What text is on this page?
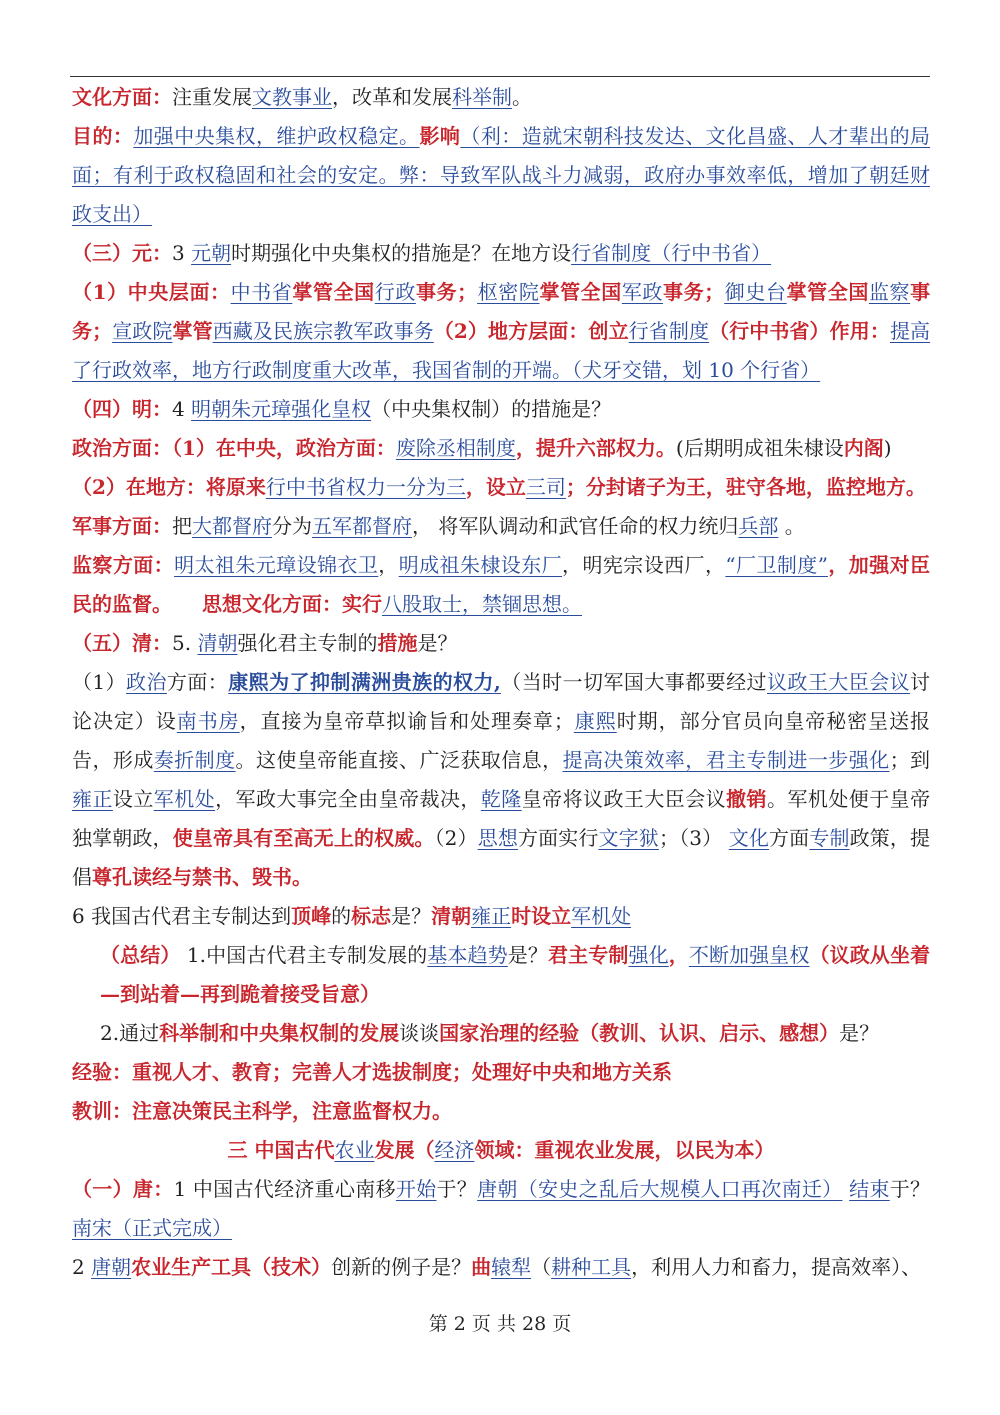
文化方面：注重发展文教事业，改革和发展科举制。

目的：加强中央集权，维护政权稳定。影响（利：造就宋朝科技发达、文化昌盛、人才辈出的局面；有利于政权稳固和社会的安定。弊：导致军队战斗力减弱，政府办事效率低，增加了朝廷财政支出）

（三）元：3 元朝时期强化中央集权的措施是？在地方设行省制度（行中书省）

（1）中央层面：中书省掌管全国行政事务；枢密院掌管全国军政事务；御史台掌管全国监察事务；宣政院掌管西藏及民族宗教军政事务（2）地方层面：创立行省制度（行中书省）作用：提高了行政效率，地方行政制度重大改革，我国省制的开端。（犬牙交错，划 10 个行省）

（四）明：4 明朝朱元璋强化皇权（中央集权制）的措施是？

政治方面：（1）在中央，政治方面：废除丞相制度，提升六部权力。(后期明成祖朱棣设内阁)

（2）在地方：将原来行中书省权力一分为三，设立三司；分封诸子为王，驻守各地，监控地方。

军事方面：把大都督府分为五军都督府， 将军队调动和武官任命的权力统归兵部 。

监察方面：明太祖朱元璋设锦衣卫，明成祖朱棣设东厂，明宪宗设西厂，“厂卫制度”，加强对臣民的监督。 思想文化方面：实行八股取士，禁锢思想。

（五）清：5. 清朝强化君主专制的措施是？

（1）政治方面：康熙为了抑制满洲贵族的权力,（当时一切军国大事都要经过议政王大臣会议讨论决定）设南书房，直接为皇帝草拟谕旨和处理奏章；康熙时期，部分官员向皇帝秘密呈送报告，形成奏折制度。这使皇帝能直接、广泛获取信息，提高决策效率，君主专制进一步强化；到雍正设立军机处，军政大事完全由皇帝裁决，乾隆皇帝将议政王大臣会议撤销。军机处便于皇帝独掌朝政，使皇帝具有至高无上的权威。（2）思想方面实行文字狱；（3） 文化方面专制政策，提倡尊孔读经与禁书、毁书。

6 我国古代君主专制达到顶峰的标志是？清朝雍正时设立军机处

（总结） 1.中国古代君主专制发展的基本趋势是？君主专制强化，不断加强皇权（议政从坐着—到站着—再到跪着接受旨意）

2.通过科举制和中央集权制的发展谈谈国家治理的经验（教训、认识、启示、感想）是？

经验：重视人才、教育；完善人才选拔制度；处理好中央和地方关系

教训：注意决策民主科学，注意监督权力。

三 中国古代农业发展（经济领域：重视农业发展，以民为本）

（一）唐：1 中国古代经济重心南移开始于？唐朝（安史之乱后大规模人口再次南迁） 结束于？南宋（正式完成）

2 唐朝农业生产工具（技术）创新的例子是？曲辕犁（耕种工具，利用人力和畜力，提高效率）、

第 2 页 共 28 页
